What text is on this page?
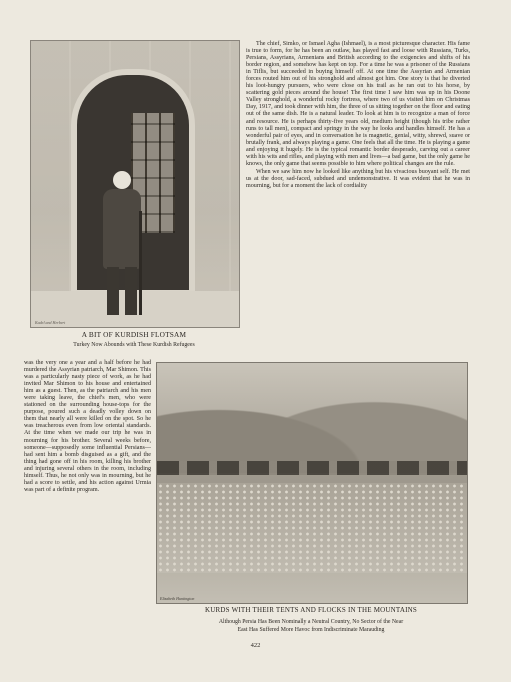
Kadel and Herbert
A BIT OF KURDISH FLOTSAM
Turkey Now Abounds with These Kurdish Refugees

The chief, Simko, or Ismael Agha (Ishmael), is a most picturesque character. His fame is true to form, for he has been an outlaw, has played fast and loose with Russians, Turks, Persians, Assyrians, Armenians and British according to the exigencies and shifts of his border region, and somehow has kept on top. For a time he was a prisoner of the Russians in Tiflis, but succeeded in buying himself off. At one time the Assyrian and Armenian forces routed him out of his stronghold and almost got him. One story is that he diverted his loot-hungry pursuers, who were close on his trail as he ran out to his horse, by scattering gold pieces around the house! The first time I saw him was up in his Doone Valley stronghold, a wonderful rocky fortress, where two of us visited him on Christmas Day, 1917, and took dinner with him, the three of us sitting together on the floor and eating out of the same dish. He is a natural leader. To look at him is to recognize a man of force and resource. He is perhaps thirty-five years old, medium height (though his tribe rather runs to tall men), compact and springy in the way he looks and handles himself. He has a wonderful pair of eyes, and in conversation he is magnetic, genial, witty, shrewd, suave or brutally frank, and always playing a game. One feels that all the time. He is playing a game and enjoying it hugely. He is the typical romantic border desperado, carving out a career with his wits and rifles, and playing with men and lives—a bad game, but the only game he knows, the only game that seems possible to him where political changes are the rule.

When we saw him now he looked like anything but his vivacious buoyant self. He met us at the door, sad-faced, subdued and undemonstrative. It was evident that he was in mourning, but for a moment the lack of cordiality

was the very one a year and a half before he had murdered the Assyrian patriarch, Mar Shimon. This was a particularly nasty piece of work, as he had invited Mar Shimon to his house and entertained him as a guest. Then, as the patriarch and his men were taking leave, the chief's men, who were stationed on the surrounding house-tops for the purpose, poured such a deadly volley down on them that nearly all were killed on the spot. So he was treacherous even from low oriental standards. At the time when we made our trip he was in mourning for his brother. Several weeks before, someone—supposedly some influential Persians—had sent him a bomb disguised as a gift, and the thing had gone off in his room, killing his brother and injuring several others in the room, including himself. Thus, he not only was in mourning, but he had a score to settle, and his action against Urmia was part of a definite program.

Elizabeth Huntington
KURDS WITH THEIR TENTS AND FLOCKS IN THE MOUNTAINS
Although Persia Has Been Nominally a Neutral Country, No Sector of the Near
East Has Suffered More Havoc from Indiscriminate Marauding
422
